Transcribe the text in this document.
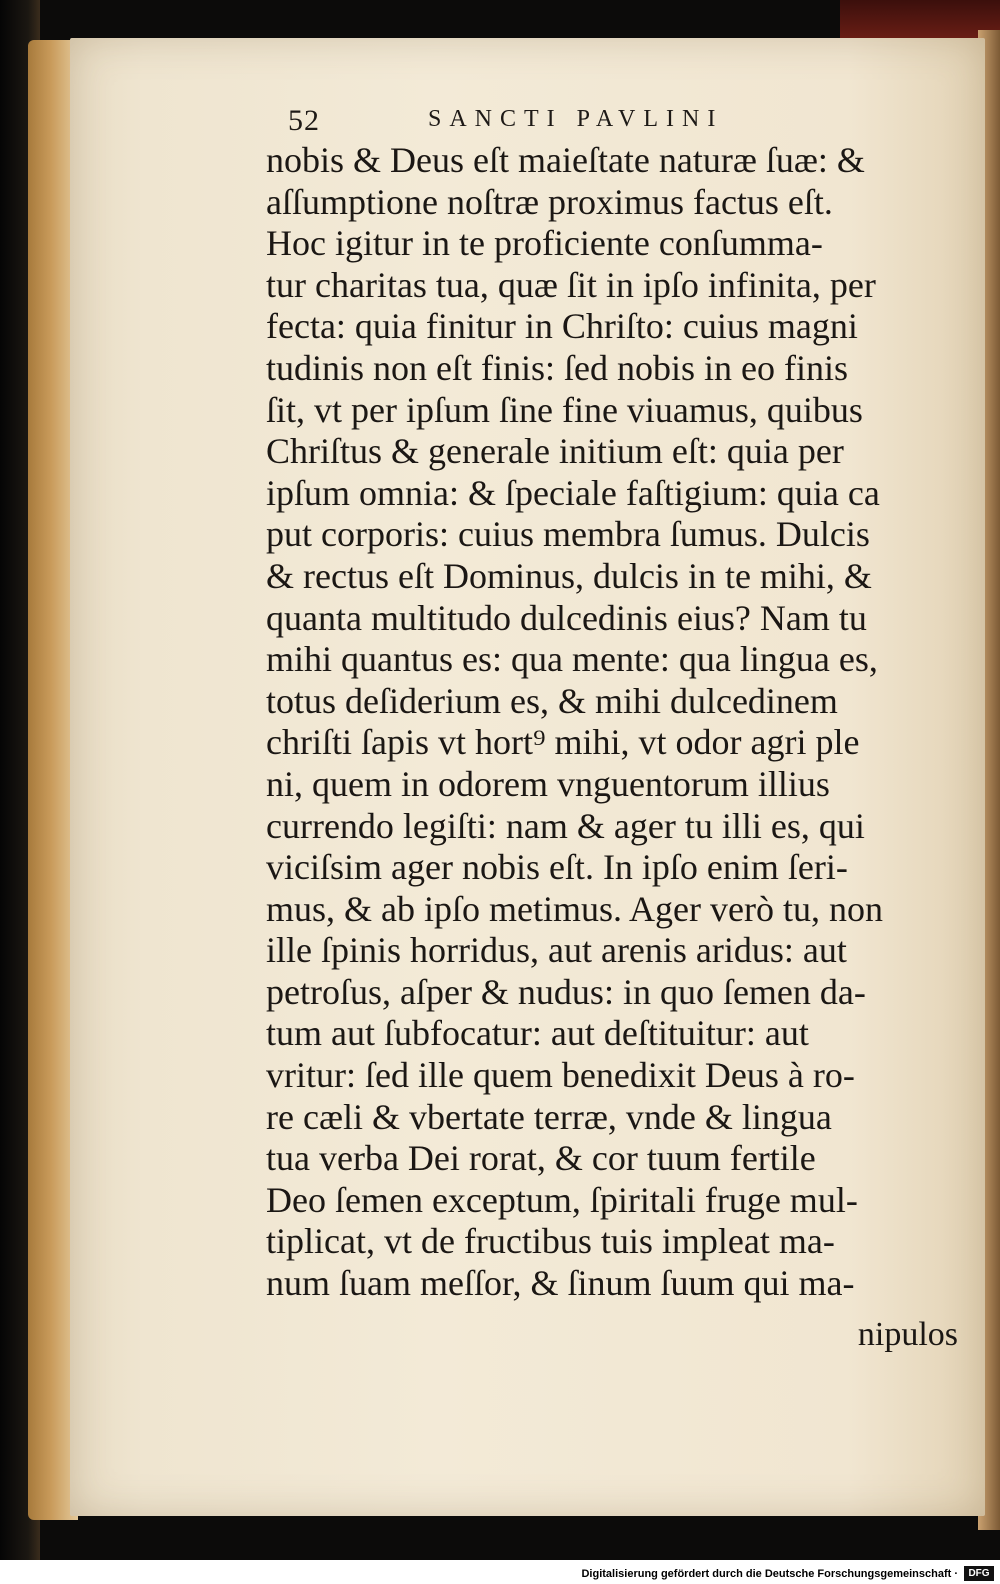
52	SANCTI PAVLINI
nobis & Deus eſt maieſtate naturæ ſuæ: &
aſſumptione noſtræ proximus factus eſt.
Hoc igitur in te proficiente conſumma-
tur charitas tua, quæ ſit in ipſo infinita, per
fecta: quia finitur in Chriſto: cuius magni
tudinis non eſt finis: ſed nobis in eo finis
ſit, vt per ipſum ſine fine viuamus, quibus
Chriſtus & generale initium eſt: quia per
ipſum omnia: & ſpeciale faſtigium: quia ca
put corporis: cuius membra ſumus. Dulcis
& rectus eſt Dominus, dulcis in te mihi, &
quanta multitudo dulcedinis eius? Nam tu
mihi quantus es: qua mente: qua lingua es,
totus deſiderium es, & mihi dulcedinem
chriſti ſapis vt hort⁹ mihi, vt odor agri ple
ni, quem in odorem vnguentorum illius
currendo legiſti: nam & ager tu illi es, qui
viciſsim ager nobis eſt. In ipſo enim ſeri-
mus, & ab ipſo metimus. Ager verò tu, non
ille ſpinis horridus, aut arenis aridus: aut
petroſus, aſper & nudus: in quo ſemen da-
tum aut ſubfocatur: aut deſtituitur: aut
vritur: ſed ille quem benedixit Deus à ro-
re cæli & vbertate terræ, vnde & lingua
tua verba Dei rorat, & cor tuum fertile
Deo ſemen exceptum, ſpiritali fruge mul-
tiplicat, vt de fructibus tuis impleat ma-
num ſuam meſſor, & ſinum ſuum qui ma-
nipulos
Digitalisierung gefördert durch die Deutsche Forschungsgemeinschaft ·	DFG
